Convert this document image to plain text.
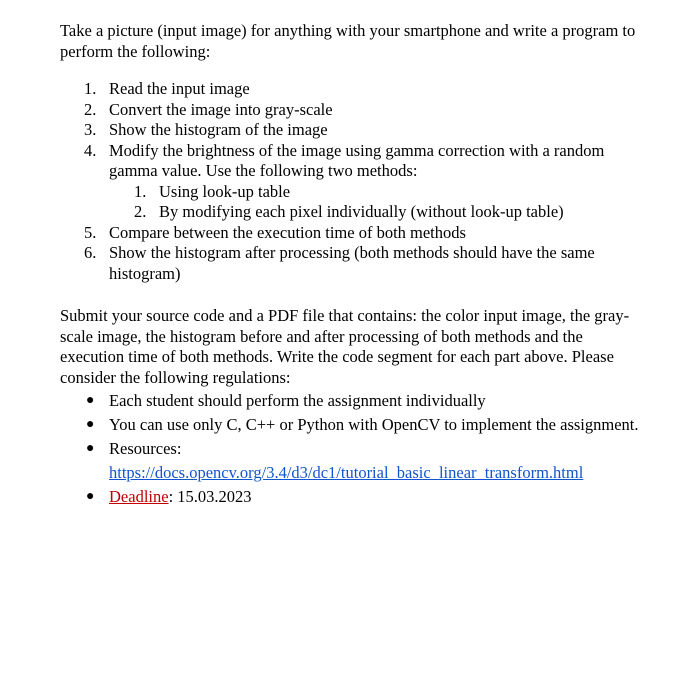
Take a picture (input image) for anything with your smartphone and write a program to perform the following:

1. Read the input image
2. Convert the image into gray-scale
3. Show the histogram of the image
4. Modify the brightness of the image using gamma correction with a random gamma value. Use the following two methods:
1. Using look-up table
2. By modifying each pixel individually (without look-up table)
5. Compare between the execution time of both methods
6. Show the histogram after processing (both methods should have the same histogram)

Submit your source code and a PDF file that contains: the color input image, the gray-scale image, the histogram before and after processing of both methods and the execution time of both methods. Write the code segment for each part above. Please consider the following regulations:

● Each student should perform the assignment individually
● You can use only C, C++ or Python with OpenCV to implement the assignment.
● Resources:
https://docs.opencv.org/3.4/d3/dc1/tutorial_basic_linear_transform.html
● Deadline: 15.03.2023
